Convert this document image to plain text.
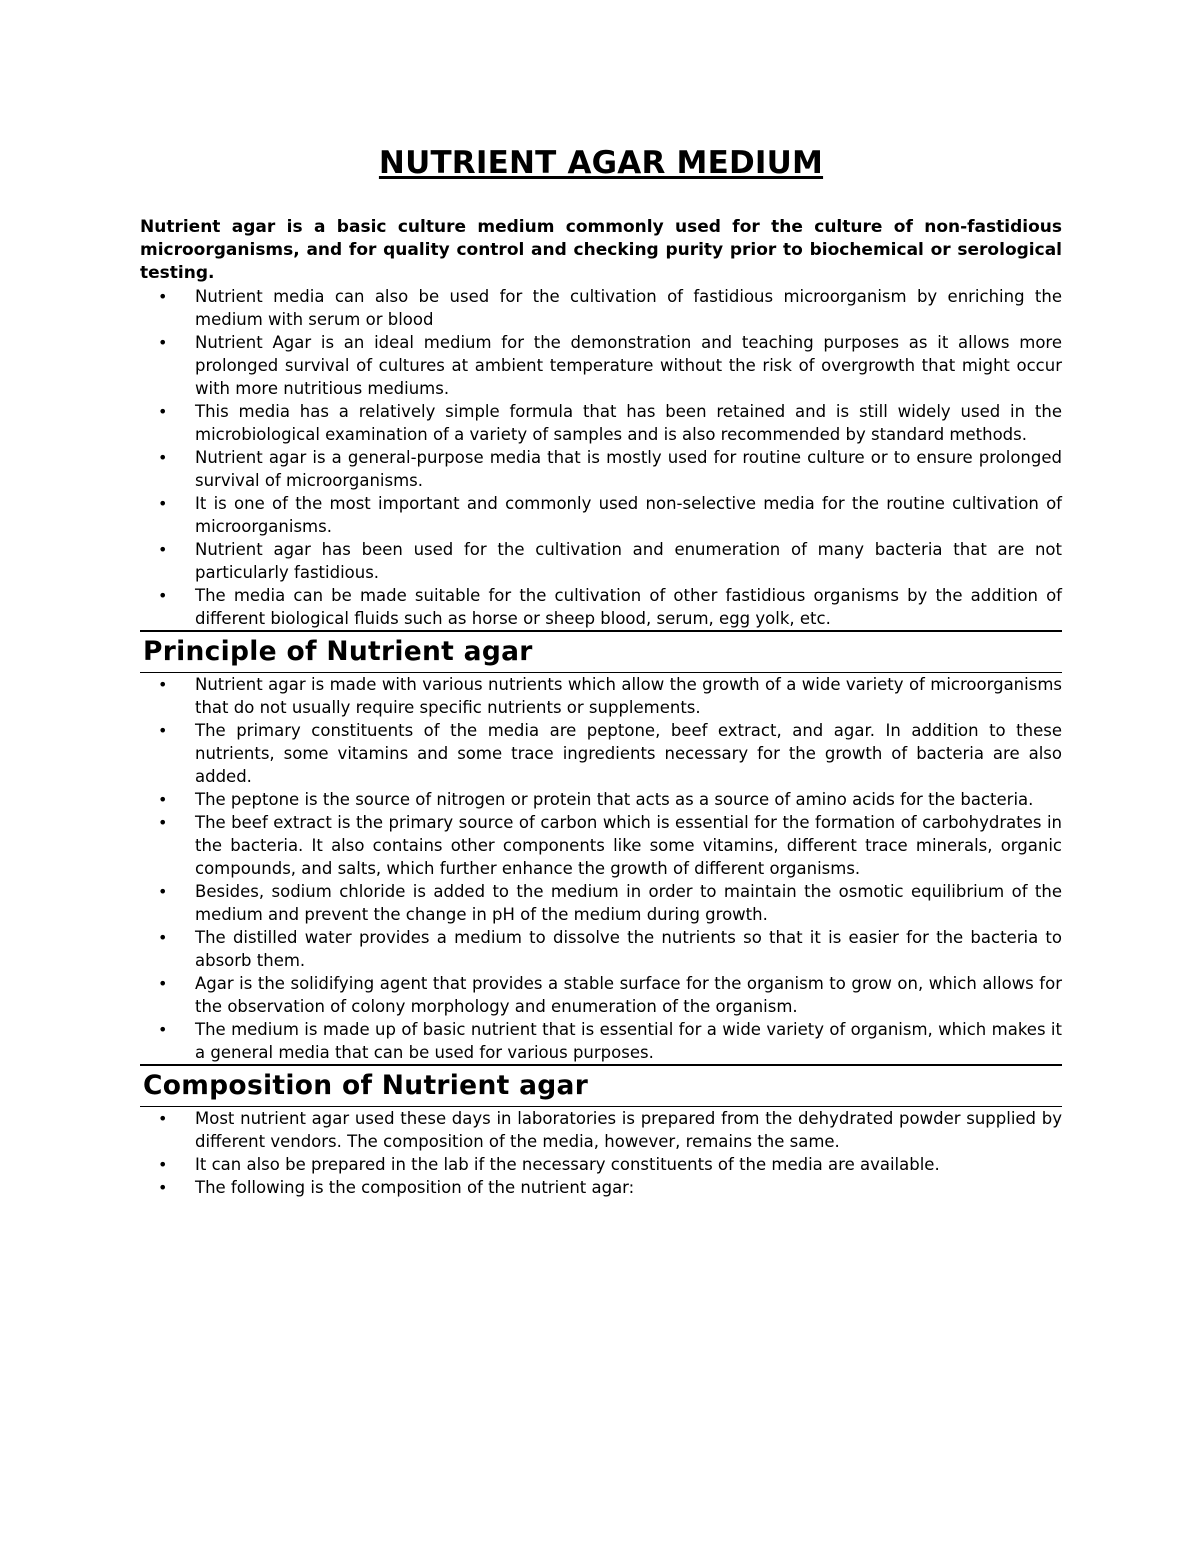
NUTRIENT AGAR MEDIUM

Nutrient agar is a basic culture medium commonly used for the culture of non-fastidious microorganisms, and for quality control and checking purity prior to biochemical or serological testing.

• Nutrient media can also be used for the cultivation of fastidious microorganism by enriching the medium with serum or blood
• Nutrient Agar is an ideal medium for the demonstration and teaching purposes as it allows more prolonged survival of cultures at ambient temperature without the risk of overgrowth that might occur with more nutritious mediums.
• This media has a relatively simple formula that has been retained and is still widely used in the microbiological examination of a variety of samples and is also recommended by standard methods.
• Nutrient agar is a general-purpose media that is mostly used for routine culture or to ensure prolonged survival of microorganisms.
• It is one of the most important and commonly used non-selective media for the routine cultivation of microorganisms.
• Nutrient agar has been used for the cultivation and enumeration of many bacteria that are not particularly fastidious.
• The media can be made suitable for the cultivation of other fastidious organisms by the addition of different biological fluids such as horse or sheep blood, serum, egg yolk, etc.
Principle of Nutrient agar
• Nutrient agar is made with various nutrients which allow the growth of a wide variety of microorganisms that do not usually require specific nutrients or supplements.
• The primary constituents of the media are peptone, beef extract, and agar. In addition to these nutrients, some vitamins and some trace ingredients necessary for the growth of bacteria are also added.
• The peptone is the source of nitrogen or protein that acts as a source of amino acids for the bacteria.
• The beef extract is the primary source of carbon which is essential for the formation of carbohydrates in the bacteria. It also contains other components like some vitamins, different trace minerals, organic compounds, and salts, which further enhance the growth of different organisms.
• Besides, sodium chloride is added to the medium in order to maintain the osmotic equilibrium of the medium and prevent the change in pH of the medium during growth.
• The distilled water provides a medium to dissolve the nutrients so that it is easier for the bacteria to absorb them.
• Agar is the solidifying agent that provides a stable surface for the organism to grow on, which allows for the observation of colony morphology and enumeration of the organism.
• The medium is made up of basic nutrient that is essential for a wide variety of organism, which makes it a general media that can be used for various purposes.
Composition of Nutrient agar
• Most nutrient agar used these days in laboratories is prepared from the dehydrated powder supplied by different vendors. The composition of the media, however, remains the same.
• It can also be prepared in the lab if the necessary constituents of the media are available.
• The following is the composition of the nutrient agar:
